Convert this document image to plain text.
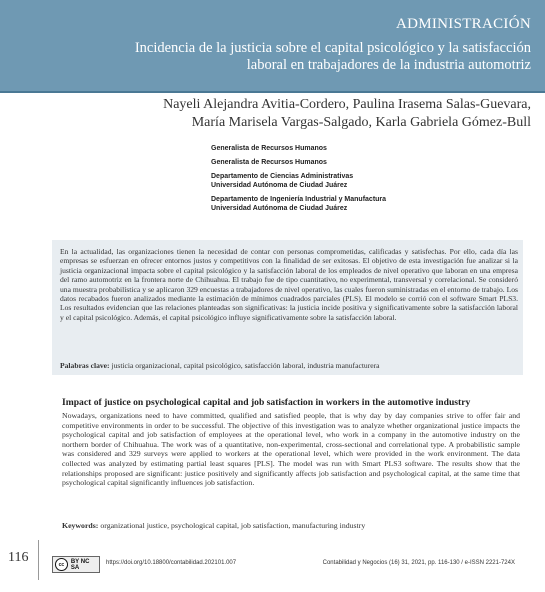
ADMINISTRACIÓN
Incidencia de la justicia sobre el capital psicológico y la satisfacción
laboral en trabajadores de la industria automotriz
Nayeli Alejandra Avitia-Cordero, Paulina Irasema Salas-Guevara,
María Marisela Vargas-Salgado, Karla Gabriela Gómez-Bull
Generalista de Recursos Humanos
Generalista de Recursos Humanos
Departamento de Ciencias Administrativas
Universidad Autónoma de Ciudad Juárez
Departamento de Ingeniería Industrial y Manufactura
Universidad Autónoma de Ciudad Juárez
En la actualidad, las organizaciones tienen la necesidad de contar con personas comprometidas, calificadas y satisfechas. Por ello, cada día las empresas se esfuerzan en ofrecer entornos justos y competitivos con la finalidad de ser exitosas. El objetivo de esta investigación fue analizar si la justicia organizacional impacta sobre el capital psicológico y la satisfacción laboral de los empleados de nivel operativo que laboran en una empresa del ramo automotriz en la frontera norte de Chihuahua. El trabajo fue de tipo cuantitativo, no experimental, transversal y correlacional. Se consideró una muestra probabilística y se aplicaron 329 encuestas a trabajadores de nivel operativo, las cuales fueron suministradas en el entorno de trabajo. Los datos recabados fueron analizados mediante la estimación de mínimos cuadrados parciales (PLS). El modelo se corrió con el software Smart PLS3. Los resultados evidencian que las relaciones planteadas son significativas: la justicia incide positiva y significativamente sobre la satisfacción laboral y el capital psicológico. Además, el capital psicológico influye significativamente sobre la satisfacción laboral.
Palabras clave: justicia organizacional, capital psicológico, satisfacción laboral, industria manufacturera
Impact of justice on psychological capital and job satisfaction in workers in the automotive industry
Nowadays, organizations need to have committed, qualified and satisfied people, that is why day by day companies strive to offer fair and competitive environments in order to be successful. The objective of this investigation was to analyze whether organizational justice impacts the psychological capital and job satisfaction of employees at the operational level, who work in a company in the automotive industry on the northern border of Chihuahua. The work was of a quantitative, non-experimental, cross-sectional and correlational type. A probabilistic sample was considered and 329 surveys were applied to workers at the operational level, which were provided in the work environment. The data collected was analyzed by estimating partial least squares [PLS]. The model was run with Smart PLS3 software. The results show that the relationships proposed are significant: justice positively and significantly affects job satisfaction and psychological capital, at the same time that psychological capital significantly influences job satisfaction.
Keywords: organizational justice, psychological capital, job satisfaction, manufacturing industry
116	cc	BY NC SA
https://doi.org/10.18800/contabilidad.202101.007	Contabilidad y Negocios (16) 31, 2021, pp. 116-130 / e-ISSN 2221-724X
